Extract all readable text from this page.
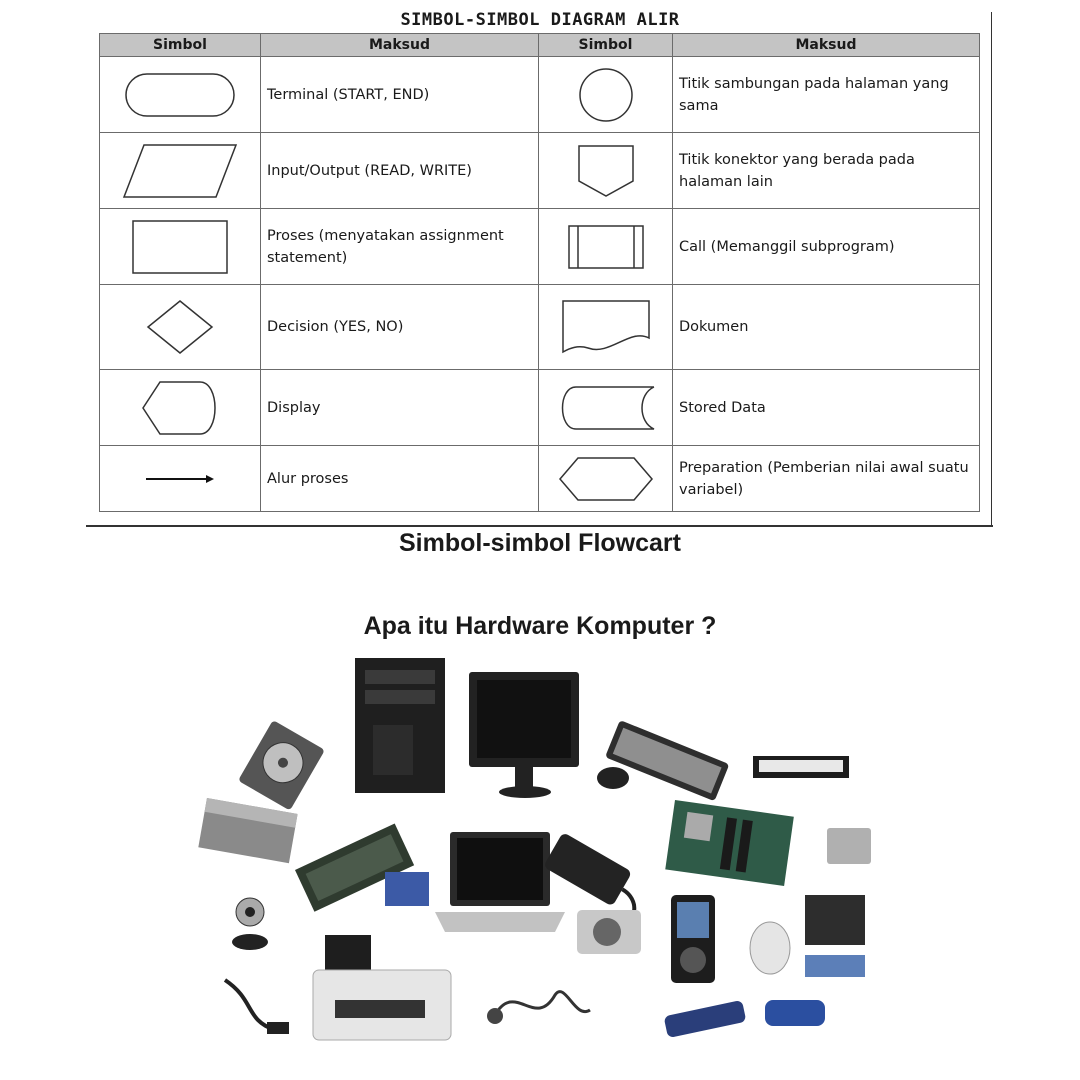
SIMBOL-SIMBOL DIAGRAM ALIR
Simbol	Maksud	Simbol	Maksud

	Terminal (START, END)		Titik sambungan pada halaman yang sama

	Input/Output (READ, WRITE)		Titik konektor yang berada pada halaman lain

	Proses (menyatakan assignment statement)		Call (Memanggil subprogram)

	Decision (YES, NO)		Dokumen

	Display		Stored Data

	Alur proses		Preparation (Pemberian nilai awal suatu variabel)
Simbol-simbol Flowcart
Apa itu Hardware Komputer ?
